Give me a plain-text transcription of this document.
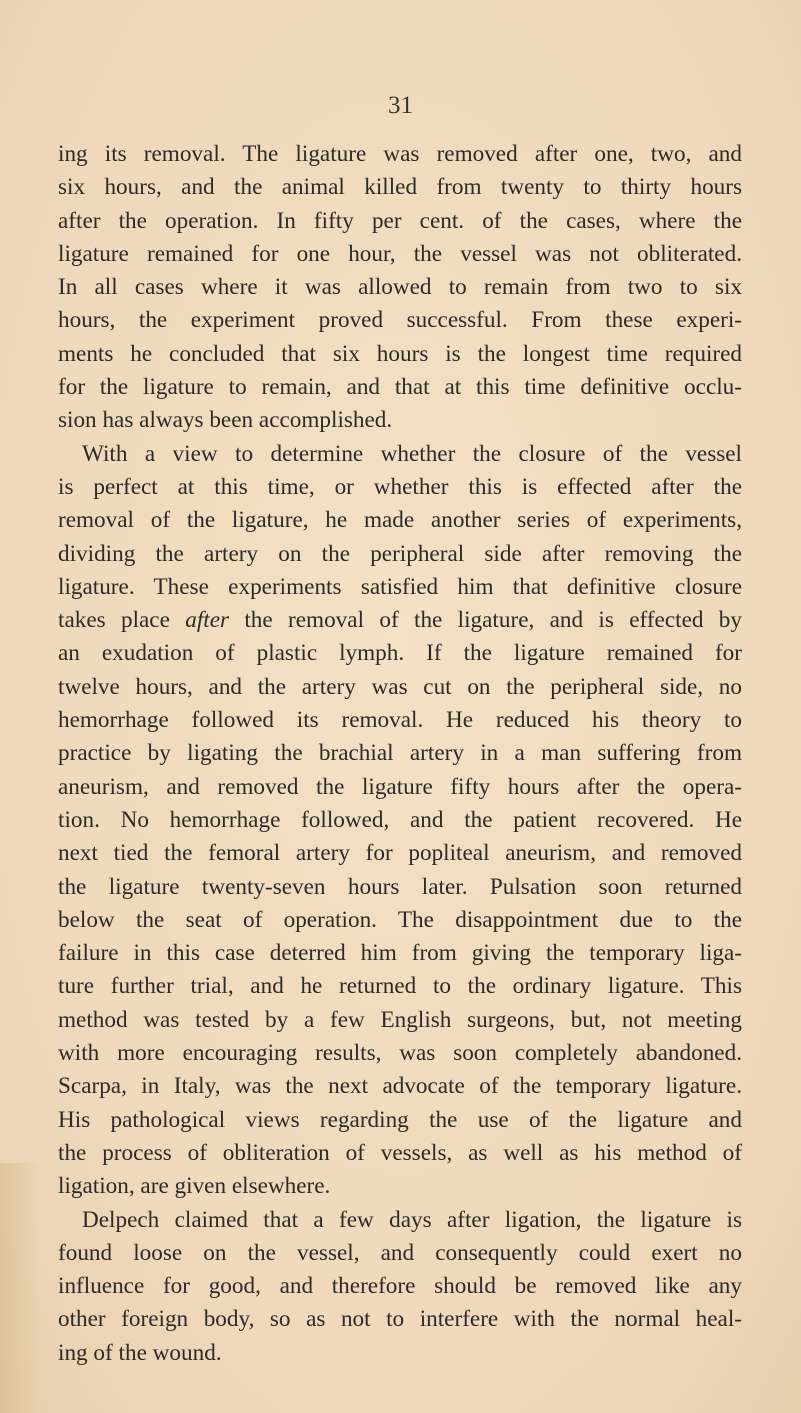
31
ing its removal. The ligature was removed after one, two, and
six hours, and the animal killed from twenty to thirty hours
after the operation. In fifty per cent. of the cases, where the
ligature remained for one hour, the vessel was not obliterated.
In all cases where it was allowed to remain from two to six
hours, the experiment proved successful. From these experi-
ments he concluded that six hours is the longest time required
for the ligature to remain, and that at this time definitive occlu-
sion has always been accomplished.
With a view to determine whether the closure of the vessel
is perfect at this time, or whether this is effected after the
removal of the ligature, he made another series of experiments,
dividing the artery on the peripheral side after removing the
ligature. These experiments satisfied him that definitive closure
takes place after the removal of the ligature, and is effected by
an exudation of plastic lymph. If the ligature remained for
twelve hours, and the artery was cut on the peripheral side, no
hemorrhage followed its removal. He reduced his theory to
practice by ligating the brachial artery in a man suffering from
aneurism, and removed the ligature fifty hours after the opera-
tion. No hemorrhage followed, and the patient recovered. He
next tied the femoral artery for popliteal aneurism, and removed
the ligature twenty-seven hours later. Pulsation soon returned
below the seat of operation. The disappointment due to the
failure in this case deterred him from giving the temporary liga-
ture further trial, and he returned to the ordinary ligature. This
method was tested by a few English surgeons, but, not meeting
with more encouraging results, was soon completely abandoned.
Scarpa, in Italy, was the next advocate of the temporary ligature.
His pathological views regarding the use of the ligature and
the process of obliteration of vessels, as well as his method of
ligation, are given elsewhere.
Delpech claimed that a few days after ligation, the ligature is
found loose on the vessel, and consequently could exert no
influence for good, and therefore should be removed like any
other foreign body, so as not to interfere with the normal heal-
ing of the wound.
